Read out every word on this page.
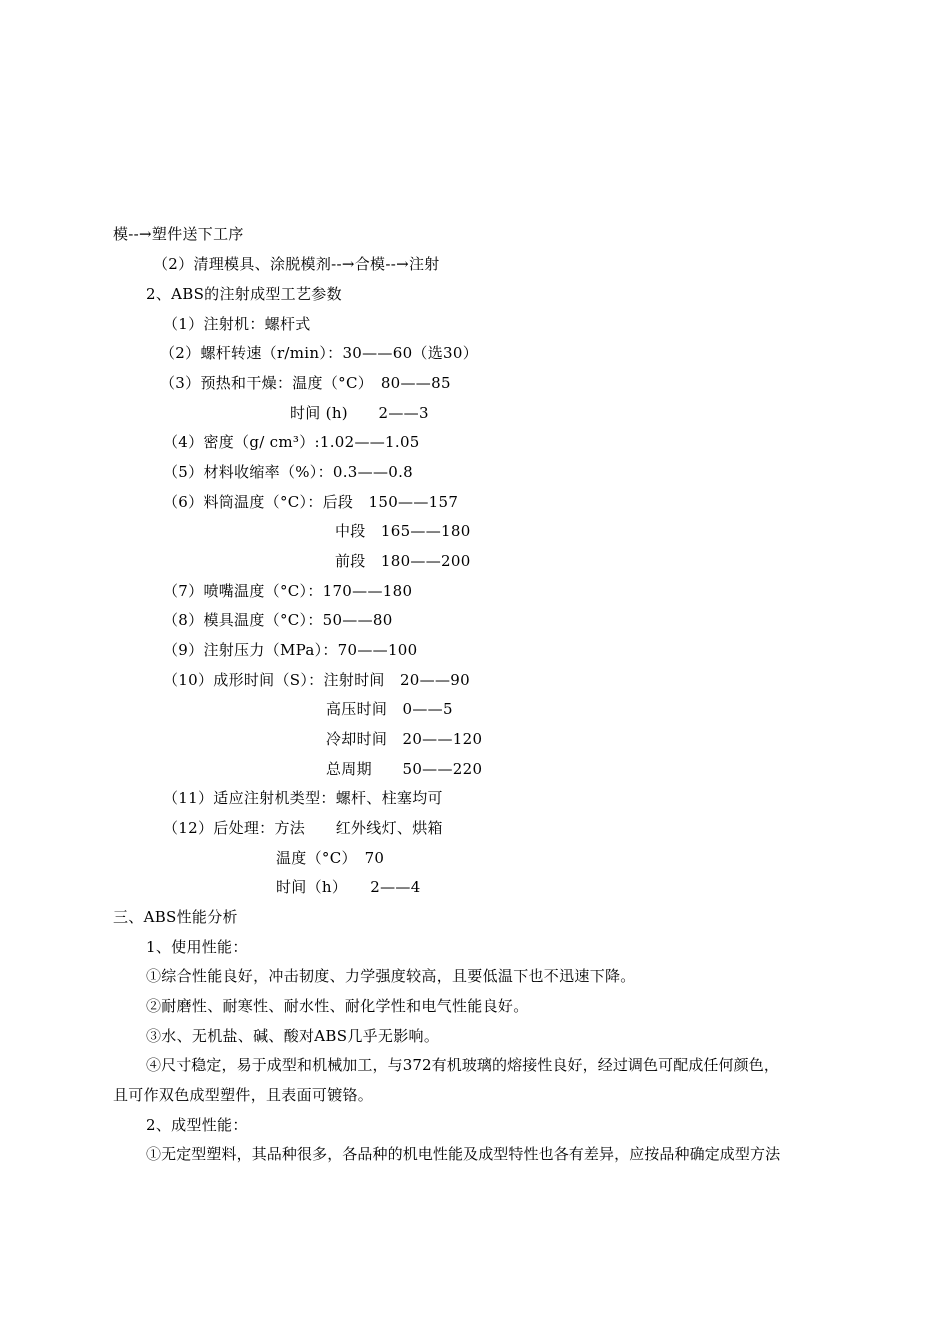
模--→塑件送下工序
（2）清理模具、涂脱模剂--→合模--→注射
2、ABS的注射成型工艺参数
（1）注射机：螺杆式
（2）螺杆转速（r/min）：30——60（选30）
（3）预热和干燥：温度（°C）　80——85
时间 (h)　　2——3
（4）密度（g/ cm³）:1.02——1.05
（5）材料收缩率（%）：0.3——0.8
（6）料筒温度（°C）：后段　150——157
中段　165——180
前段　180——200
（7）喷嘴温度（°C）：170——180
（8）模具温度（°C）：50——80
（9）注射压力（MPa）：70——100
（10）成形时间（S）：注射时间　20——90
高压时间　0——5
冷却时间　20——120
总周期　　50——220
（11）适应注射机类型：螺杆、柱塞均可
（12）后处理：方法　　红外线灯、烘箱
温度（°C）　70
时间（h）　　2——4
三、ABS性能分析
1、使用性能：
①综合性能良好，冲击韧度、力学强度较高，且要低温下也不迅速下降。
②耐磨性、耐寒性、耐水性、耐化学性和电气性能良好。
③水、无机盐、碱、酸对ABS几乎无影响。
④尺寸稳定，易于成型和机械加工，与372有机玻璃的熔接性良好，经过调色可配成任何颜色，
且可作双色成型塑件，且表面可镀铬。
2、成型性能：
①无定型塑料，其品种很多，各品种的机电性能及成型特性也各有差异，应按品种确定成型方法
